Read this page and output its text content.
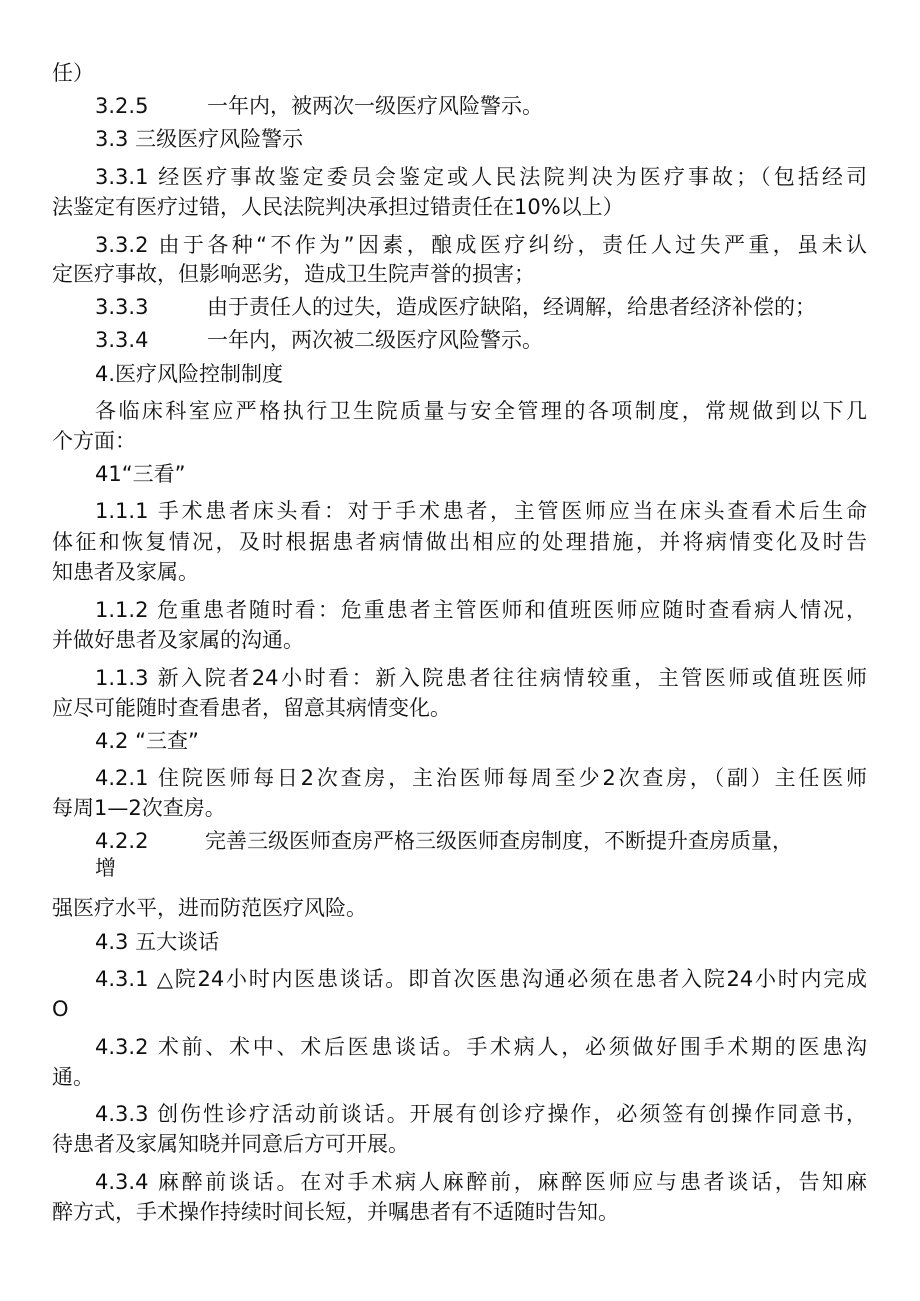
任）
3.2.5	一年内，被两次一级医疗风险警示。
3.3 三级医疗风险警示
3.3.1 经医疗事故鉴定委员会鉴定或人民法院判决为医疗事故；（包括经司
法鉴定有医疗过错，人民法院判决承担过错责任在10%以上）
3.3.2 由于各种“不作为”因素，酿成医疗纠纷，责任人过失严重，虽未认
定医疗事故，但影响恶劣，造成卫生院声誉的损害；
3.3.3	由于责任人的过失，造成医疗缺陷，经调解，给患者经济补偿的；
3.3.4	一年内，两次被二级医疗风险警示。
4.医疗风险控制制度
各临床科室应严格执行卫生院质量与安全管理的各项制度，常规做到以下几
个方面：
41“三看”
1.1.1 手术患者床头看：对于手术患者，主管医师应当在床头查看术后生命
体征和恢复情况，及时根据患者病情做出相应的处理措施，并将病情变化及时告
知患者及家属。
1.1.2 危重患者随时看：危重患者主管医师和值班医师应随时查看病人情况，
并做好患者及家属的沟通。
1.1.3 新入院者24小时看：新入院患者往往病情较重，主管医师或值班医师
应尽可能随时查看患者，留意其病情变化。
4.2 “三查”
4.2.1 住院医师每日2次查房，主治医师每周至少2次查房，（副）主任医师
每周1—2次查房。
4.2.2	完善三级医师查房严格三级医师查房制度，不断提升查房质量，
增
强医疗水平，进而防范医疗风险。
4.3 五大谈话
4.3.1 △院24小时内医患谈话。即首次医患沟通必须在患者入院24小时内完成
O
4.3.2 术前、术中、术后医患谈话。手术病人，必须做好围手术期的医患沟
通。
4.3.3 创伤性诊疗活动前谈话。开展有创诊疗操作，必须签有创操作同意书，
待患者及家属知晓并同意后方可开展。
4.3.4 麻醉前谈话。在对手术病人麻醉前，麻醉医师应与患者谈话，告知麻
醉方式，手术操作持续时间长短，并嘱患者有不适随时告知。
